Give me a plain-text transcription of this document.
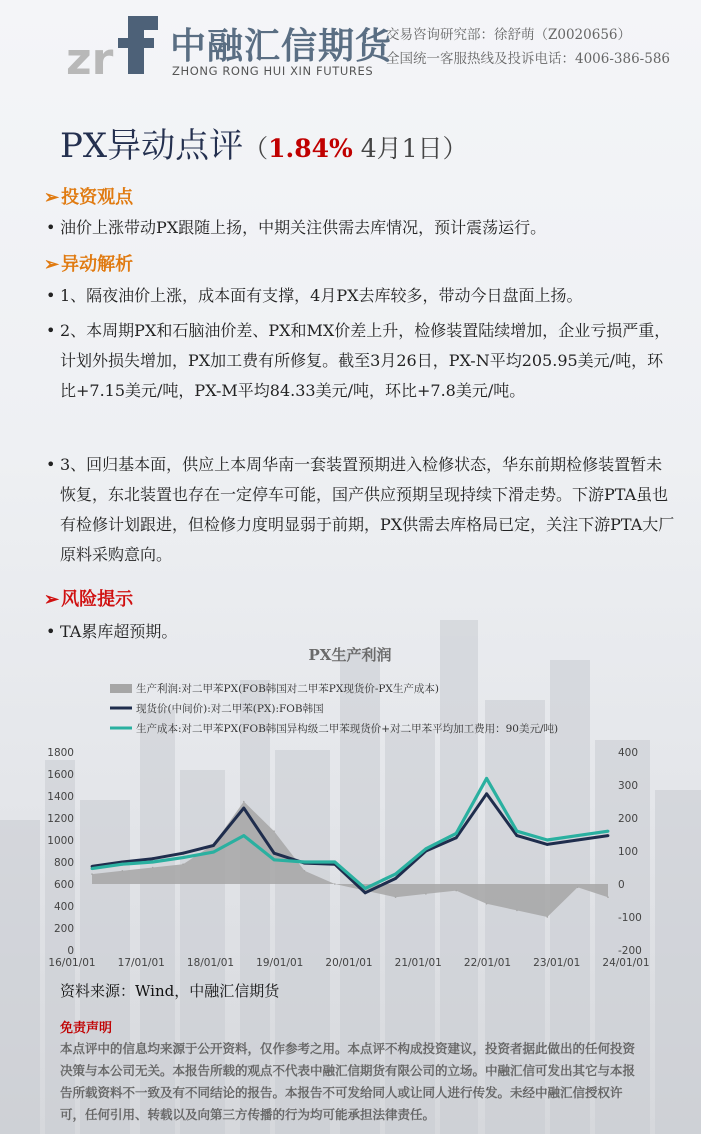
zr 中融汇信期货
ZHONG RONG HUI XIN FUTURES
交易咨询研究部：徐舒萌（Z0020656）
全国统一客服热线及投诉电话：4006-386-586
PX异动点评（1.84% 4月1日）
➢ 投资观点
• 油价上涨带动PX跟随上扬，中期关注供需去库情况，预计震荡运行。
➢ 异动解析
• 1、隔夜油价上涨，成本面有支撑，4月PX去库较多，带动今日盘面上扬。
• 2、本周期PX和石脑油价差、PX和MX价差上升，检修装置陆续增加，企业亏损严重，计划外损失增加，PX加工费有所修复。截至3月26日，PX-N平均205.95美元/吨，环比+7.15美元/吨，PX-M平均84.33美元/吨，环比+7.8美元/吨。
• 3、回归基本面，供应上本周华南一套装置预期进入检修状态，华东前期检修装置暂未恢复，东北装置也存在一定停车可能，国产供应预期呈现持续下滑走势。下游PTA虽也有检修计划跟进，但检修力度明显弱于前期，PX供需去库格局已定，关注下游PTA大厂原料采购意向。
➢ 风险提示
• TA累库超预期。
PX生产利润
生产利润:对二甲苯PX(FOB韩国对二甲苯PX现货价-PX生产成本)
现货价(中间价):对二甲苯(PX):FOB韩国
生产成本:对二甲苯PX(FOB韩国异构级二甲苯现货价+对二甲苯平均加工费用：90美元/吨)
1800
1600
1400
1200
1000
800
600
400
200
0
400
300
200
100
0
-100
-200
16/01/01 17/01/01 18/01/01 19/01/01 20/01/01 21/01/01 22/01/01 23/01/01 24/01/01
资料来源：Wind，中融汇信期货
免责声明
本点评中的信息均来源于公开资料，仅作参考之用。本点评不构成投资建议，投资者据此做出的任何投资决策与本公司无关。本报告所载的观点不代表中融汇信期货有限公司的立场。中融汇信可发出其它与本报告所载资料不一致及有不同结论的报告。本报告不可发给同人或让同人进行传发。未经中融汇信授权许可，任何引用、转载以及向第三方传播的行为均可能承担法律责任。
